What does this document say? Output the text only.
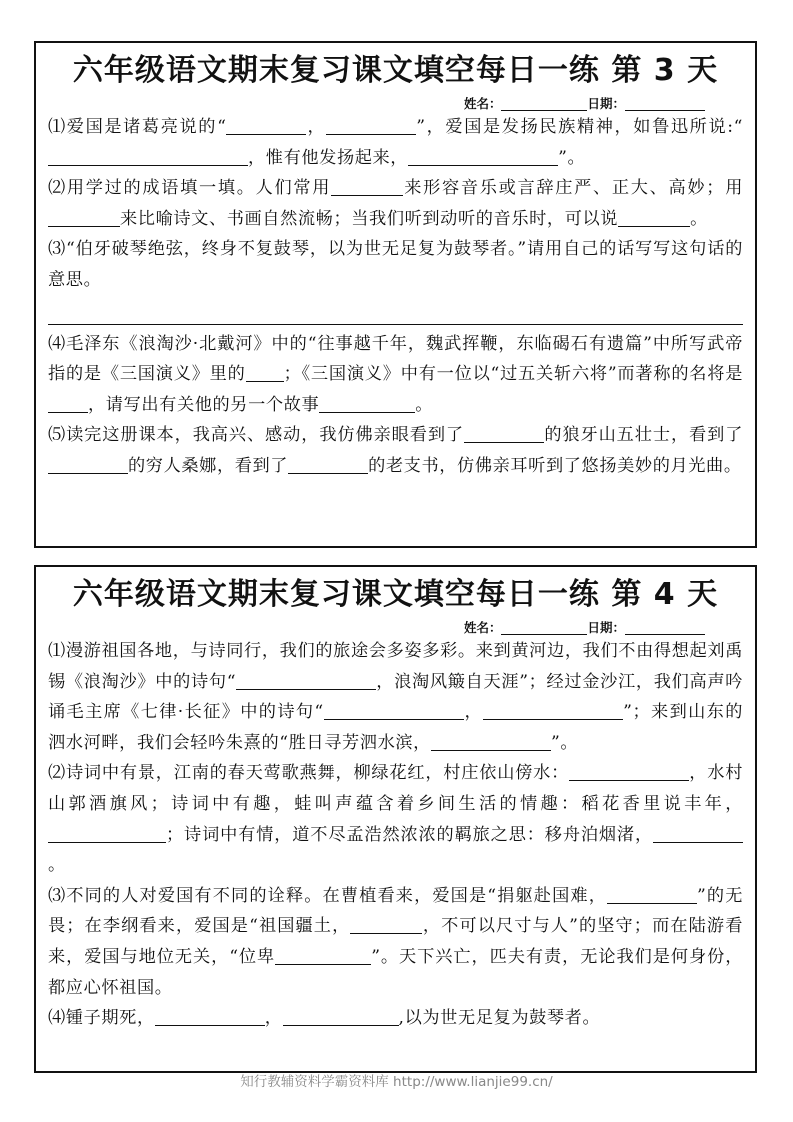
六年级语文期末复习课文填空每日一练 第 3 天
姓名：	日期：
⑴爱国是诸葛亮说的“	，	”，爱国是发扬民族精神，如鲁迅所说:“，惟有他发扬起来，	”。
⑵用学过的成语填一填。人们常用	来形容音乐或言辞庄严、正大、高妙；用来比喻诗文、书画自然流畅；当我们听到动听的音乐时，可以说	。
⑶“伯牙破琴绝弦，终身不复鼓琴，以为世无足复为鼓琴者。”请用自己的话写写这句话的意思。
⑷毛泽东《浪淘沙·北戴河》中的“往事越千年，魏武挥鞭，东临碣石有遗篇”中所写武帝指的是《三国演义》里的 ；《三国演义》中有一位以“过五关斩六将”而著称的名将是，请写出有关他的另一个故事	。
⑸读完这册课本，我高兴、感动，我仿佛亲眼看到了	的狼牙山五壮士，看到了的穷人桑娜，看到了	的老支书，仿佛亲耳听到了悠扬美妙的月光曲。
六年级语文期末复习课文填空每日一练 第 4 天
姓名：	日期：
⑴漫游祖国各地，与诗同行，我们的旅途会多姿多彩。来到黄河边，我们不由得想起刘禹锡《浪淘沙》中的诗句“	，浪淘风簸自天涯”；经过金沙江，我们高声吟诵毛主席《七律·长征》中的诗句“	，	”；来到山东的泗水河畔，我们会轻吟朱熹的“胜日寻芳泗水滨，	”。
⑵诗词中有景，江南的春天莺歌燕舞，柳绿花红，村庄依山傍水：	，水村山郭酒旗风；诗词中有趣，蛙叫声蕴含着乡间生活的情趣：稻花香里说丰年，；诗词中有情，道不尽孟浩然浓浓的羁旅之思：移舟泊烟渚，。
⑶不同的人对爱国有不同的诠释。在曹植看来，爱国是“捐躯赴国难，	”的无畏；在李纲看来，爱国是“祖国疆土，	，不可以尺寸与人”的坚守；而在陆游看来，爱国与地位无关，“位卑	”。天下兴亡，匹夫有责，无论我们是何身份，都应心怀祖国。
⑷锺子期死，	，	,以为世无足复为鼓琴者。
知行教辅资料学霸资料库 http://www.lianjie99.cn/
